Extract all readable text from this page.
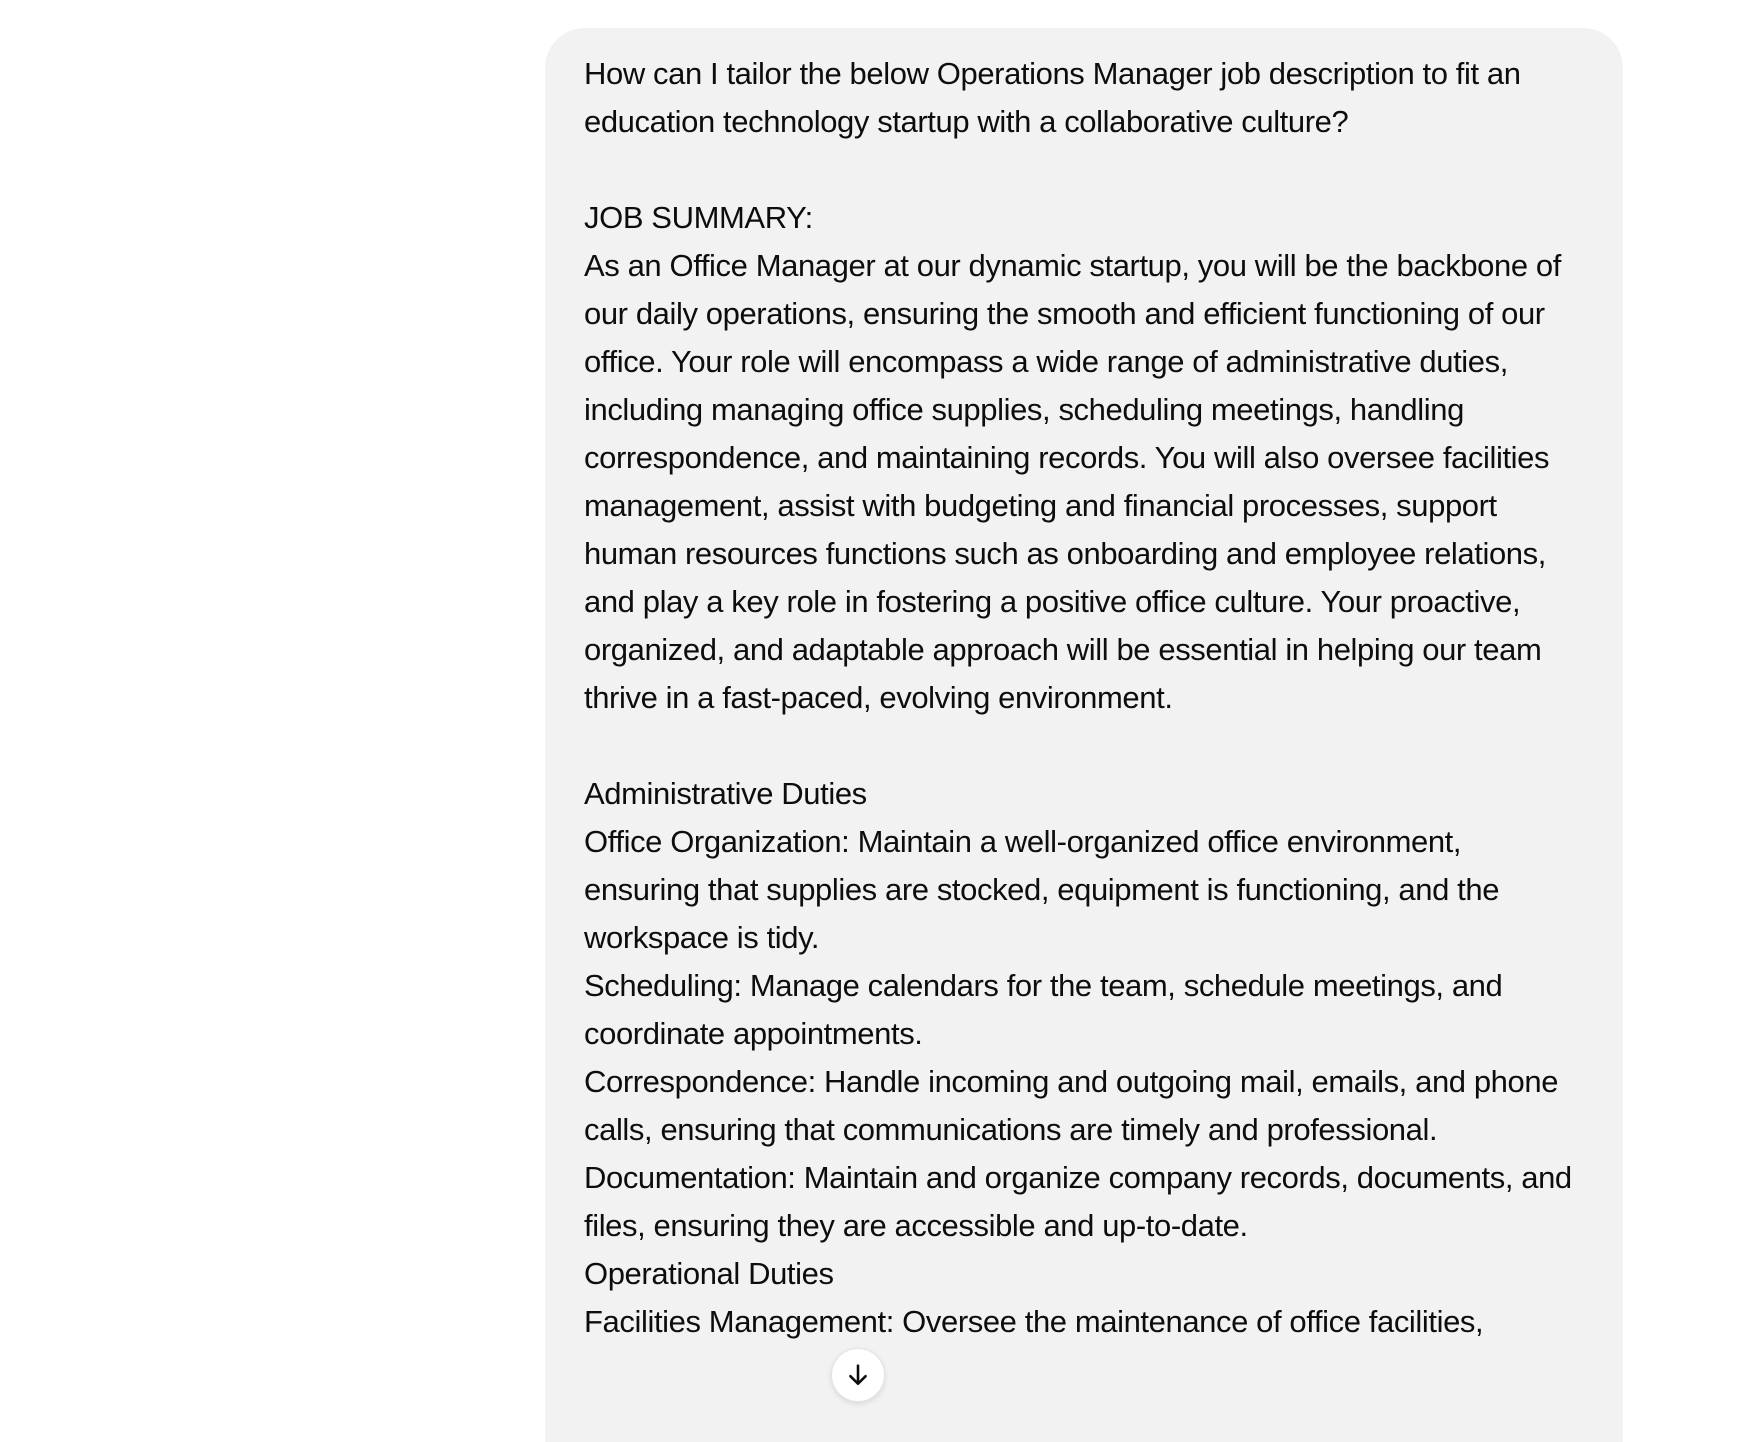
How can I tailor the below Operations Manager job description to fit an education technology startup with a collaborative culture?

JOB SUMMARY:
As an Office Manager at our dynamic startup, you will be the backbone of our daily operations, ensuring the smooth and efficient functioning of our office. Your role will encompass a wide range of administrative duties, including managing office supplies, scheduling meetings, handling correspondence, and maintaining records. You will also oversee facilities management, assist with budgeting and financial processes, support human resources functions such as onboarding and employee relations, and play a key role in fostering a positive office culture. Your proactive, organized, and adaptable approach will be essential in helping our team thrive in a fast-paced, evolving environment.

Administrative Duties
Office Organization: Maintain a well-organized office environment, ensuring that supplies are stocked, equipment is functioning, and the workspace is tidy.
Scheduling: Manage calendars for the team, schedule meetings, and coordinate appointments.
Correspondence: Handle incoming and outgoing mail, emails, and phone calls, ensuring that communications are timely and professional.
Documentation: Maintain and organize company records, documents, and files, ensuring they are accessible and up-to-date.
Operational Duties
Facilities Management: Oversee the maintenance of office facilities,
